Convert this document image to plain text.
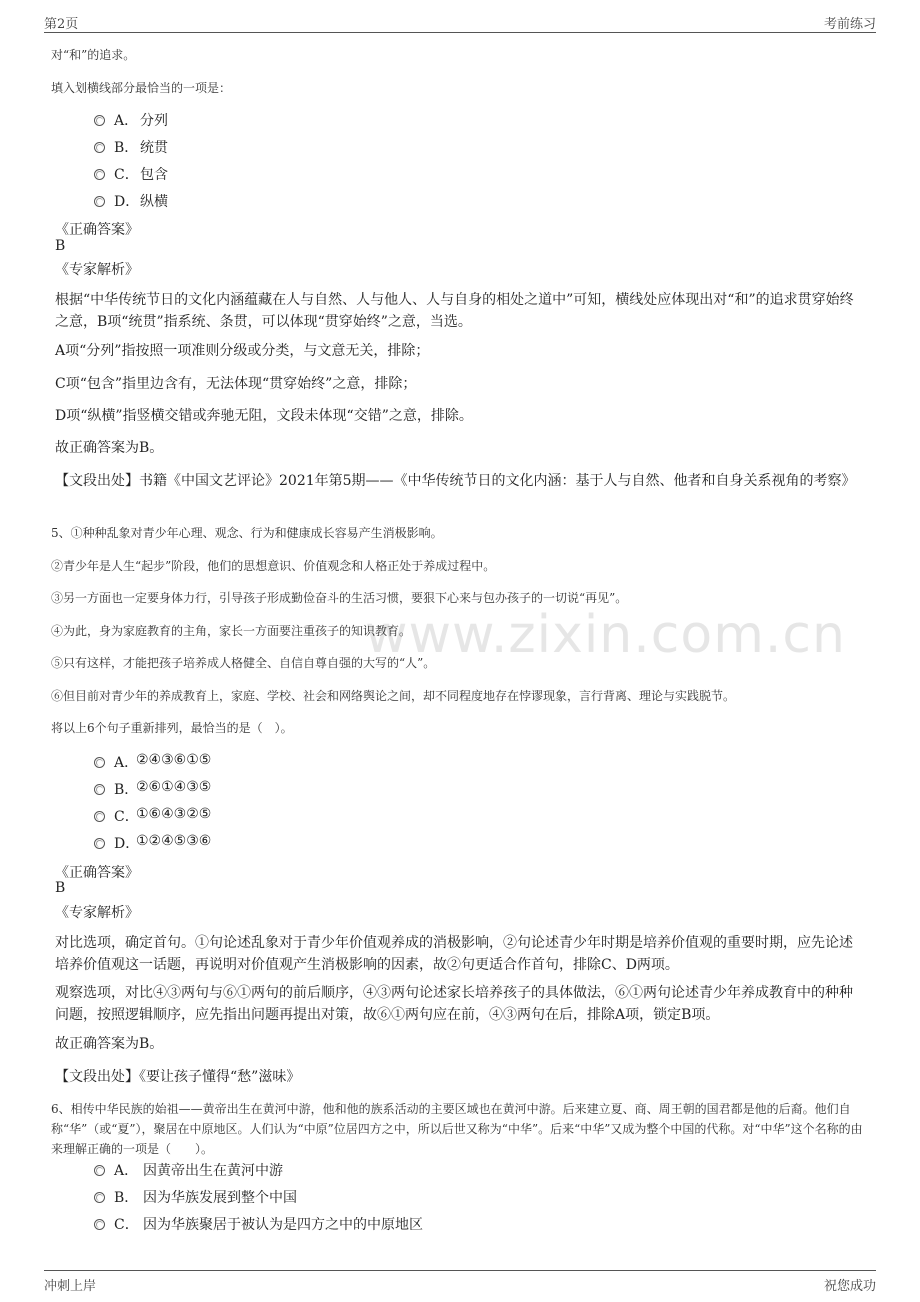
第2页	考前练习
www.zixin.com.cn
对“和”的追求。
填入划横线部分最恰当的一项是：
A． 分列
B． 统贯
C． 包含
D． 纵横
《正确答案》
B
《专家解析》
根据“中华传统节日的文化内涵蕴藏在人与自然、人与他人、人与自身的相处之道中”可知，横线处应体现出对“和”的追求贯穿始终之意，B项“统贯”指系统、条贯，可以体现“贯穿始终”之意，当选。
A项“分列”指按照一项准则分级或分类，与文意无关，排除；
C项“包含”指里边含有，无法体现“贯穿始终”之意，排除；
D项“纵横”指竖横交错或奔驰无阻，文段未体现“交错”之意，排除。
故正确答案为B。
【文段出处】书籍《中国文艺评论》2021年第5期——《中华传统节日的文化内涵：基于人与自然、他者和自身关系视角的考察》
5、①种种乱象对青少年心理、观念、行为和健康成长容易产生消极影响。
②青少年是人生“起步”阶段，他们的思想意识、价值观念和人格正处于养成过程中。
③另一方面也一定要身体力行，引导孩子形成勤俭奋斗的生活习惯，要狠下心来与包办孩子的一切说“再见”。
④为此，身为家庭教育的主角，家长一方面要注重孩子的知识教育。
⑤只有这样，才能把孩子培养成人格健全、自信自尊自强的大写的“人”。
⑥但目前对青少年的养成教育上，家庭、学校、社会和网络舆论之间，却不同程度地存在悖谬现象，言行背离、理论与实践脱节。
将以上6个句子重新排列，最恰当的是（　）。
A．
②④③⑥①⑤
B．
②⑥①④③⑤
C．
①⑥④③②⑤
D．
①②④⑤③⑥
《正确答案》
B
《专家解析》
对比选项，确定首句。①句论述乱象对于青少年价值观养成的消极影响，②句论述青少年时期是培养价值观的重要时期，应先论述培养价值观这一话题，再说明对价值观产生消极影响的因素，故②句更适合作首句，排除C、D两项。
观察选项，对比④③两句与⑥①两句的前后顺序，④③两句论述家长培养孩子的具体做法，⑥①两句论述青少年养成教育中的种种问题，按照逻辑顺序，应先指出问题再提出对策，故⑥①两句应在前，④③两句在后，排除A项，锁定B项。
故正确答案为B。
【文段出处】《要让孩子懂得“愁”滋味》
6、相传中华民族的始祖——黄帝出生在黄河中游，他和他的族系活动的主要区域也在黄河中游。后来建立夏、商、周王朝的国君都是他的后裔。他们自称“华”（或“夏”），聚居在中原地区。人们认为“中原”位居四方之中，所以后世又称为“中华”。后来“中华”又成为整个中国的代称。对“中华”这个名称的由来理解正确的一项是（　　）。
A． 因黄帝出生在黄河中游
B． 因为华族发展到整个中国
C． 因为华族聚居于被认为是四方之中的中原地区
冲刺上岸	祝您成功
